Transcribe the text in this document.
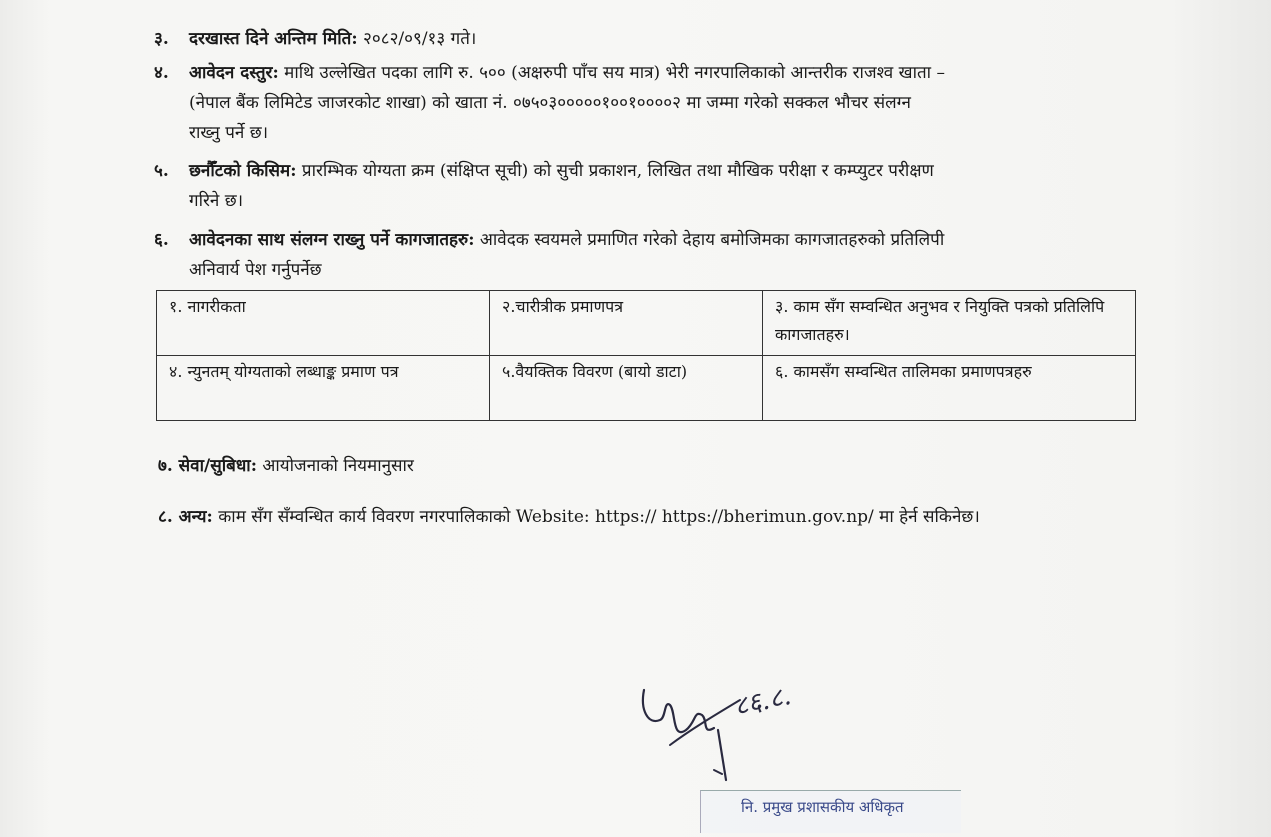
३. दरखास्त दिने अन्तिम मिति: २०८२/०९/१३ गते।
४. आवेदन दस्तुर: माथि उल्लेखित पदका लागि रु. ५०० (अक्षरुपी पाँच सय मात्र) भेरी नगरपालिकाको आन्तरीक राजश्व खाता –
(नेपाल बैंक लिमिटेड जाजरकोट शाखा) को खाता नं. ०७५०३०००००१००१००००२ मा जम्मा गरेको सक्कल भौचर संलग्न
राख्नु पर्ने छ।
५. छनौँटको किसिम: प्रारम्भिक योग्यता क्रम (संक्षिप्त सूची) को सुची प्रकाशन, लिखित तथा मौखिक परीक्षा र कम्प्युटर परीक्षण
गरिने छ।
६. आवेदनका साथ संलग्न राख्नु पर्ने कागजातहरु: आवेदक स्वयमले प्रमाणित गरेको देहाय बमोजिमका कागजातहरुको प्रतिलिपी
अनिवार्य पेश गर्नुपर्नेछ
१. नागरीकता	२.चारीत्रीक प्रमाणपत्र	३. काम सँग सम्वन्धित अनुभव र नियुक्ति पत्रको प्रतिलिपि कागजातहरु।
४. न्युनतम् योग्यताको लब्धाङ्क प्रमाण पत्र	५.वैयक्तिक विवरण (बायो डाटा)	६. कामसँग सम्वन्धित तालिमका प्रमाणपत्रहरु
७. सेवा/सुबिधा: आयोजनाको नियमानुसार
८. अन्य: काम सँग सँम्वन्धित कार्य विवरण नगरपालिकाको Website: https:// https://bherimun.gov.np/ मा हेर्न सकिनेछ।
८६.८.
नि. प्रमुख प्रशासकीय अधिकृत
